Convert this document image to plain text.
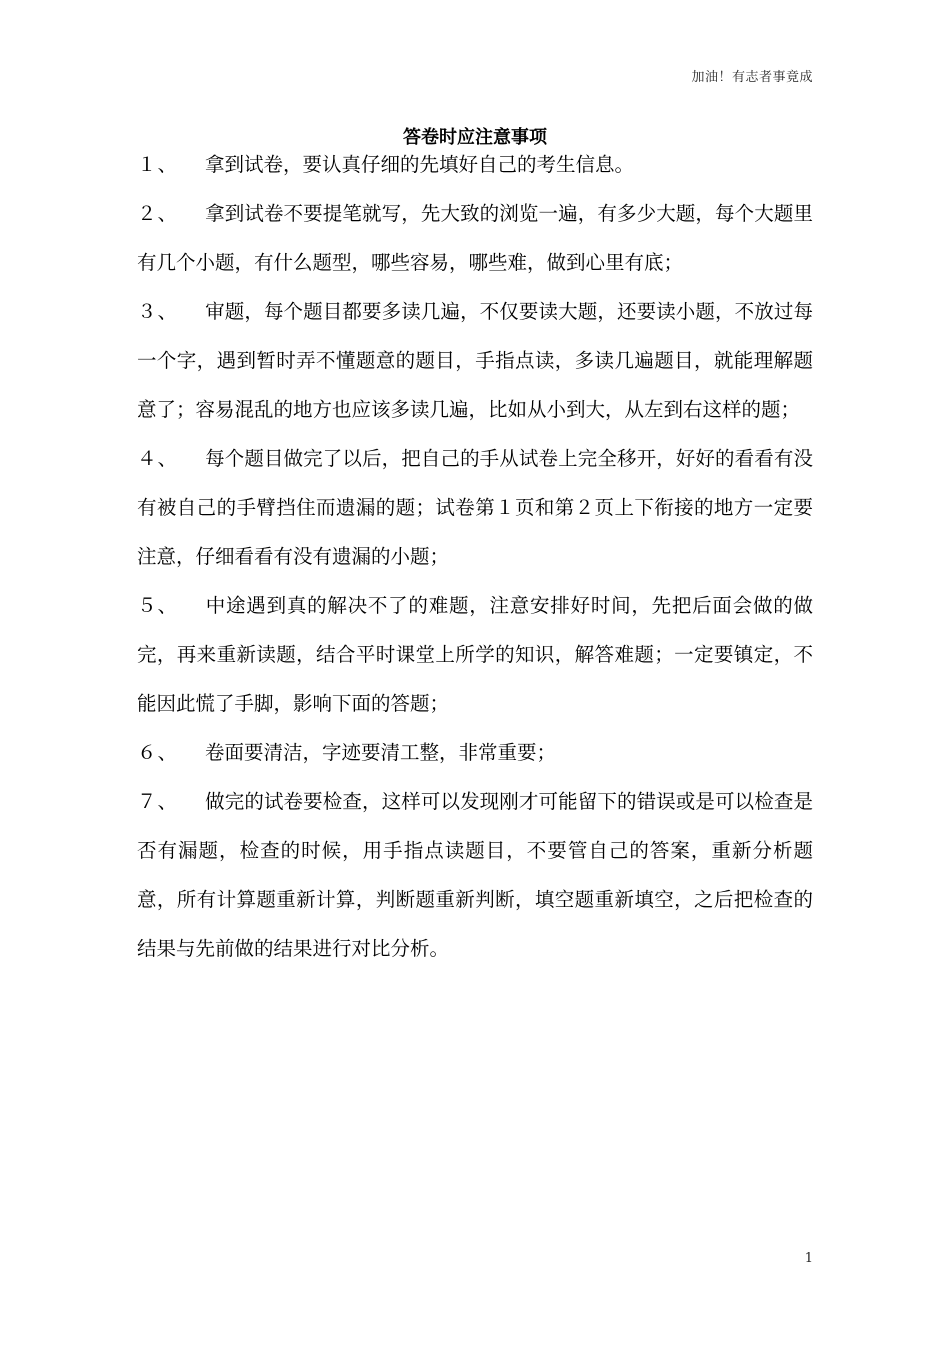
加油！有志者事竟成
答卷时应注意事项

１、 拿到试卷，要认真仔细的先填好自己的考生信息。

２、 拿到试卷不要提笔就写，先大致的浏览一遍，有多少大题，每个大题里有几个小题，有什么题型，哪些容易，哪些难，做到心里有底；

３、 审题，每个题目都要多读几遍，不仅要读大题，还要读小题，不放过每一个字，遇到暂时弄不懂题意的题目，手指点读，多读几遍题目，就能理解题意了；容易混乱的地方也应该多读几遍，比如从小到大，从左到右这样的题；

４、 每个题目做完了以后，把自己的手从试卷上完全移开，好好的看看有没有被自己的手臂挡住而遗漏的题；试卷第１页和第２页上下衔接的地方一定要注意，仔细看看有没有遗漏的小题；

５、 中途遇到真的解决不了的难题，注意安排好时间，先把后面会做的做完，再来重新读题，结合平时课堂上所学的知识，解答难题；一定要镇定，不能因此慌了手脚，影响下面的答题；

６、 卷面要清洁，字迹要清工整，非常重要；

７、 做完的试卷要检查，这样可以发现刚才可能留下的错误或是可以检查是否有漏题，检查的时候，用手指点读题目，不要管自己的答案，重新分析题意，所有计算题重新计算，判断题重新判断，填空题重新填空，之后把检查的结果与先前做的结果进行对比分析。

1
